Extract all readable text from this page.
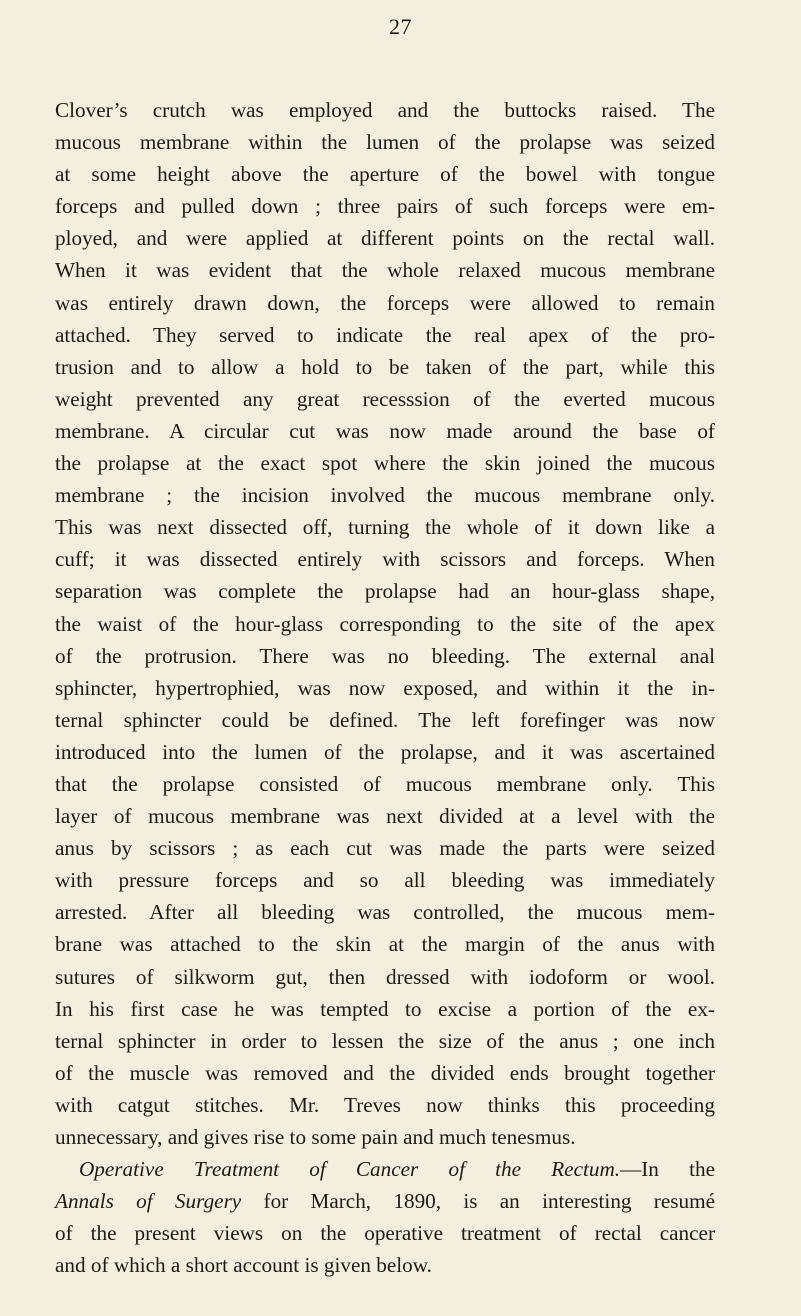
27
Clover’s crutch was employed and the buttocks raised. The
mucous membrane within the lumen of the prolapse was seized
at some height above the aperture of the bowel with tongue
forceps and pulled down ; three pairs of such forceps were em-
ployed, and were applied at different points on the rectal wall.
When it was evident that the whole relaxed mucous membrane
was entirely drawn down, the forceps were allowed to remain
attached. They served to indicate the real apex of the pro-
trusion and to allow a hold to be taken of the part, while this
weight prevented any great recesssion of the everted mucous
membrane. A circular cut was now made around the base of
the prolapse at the exact spot where the skin joined the mucous
membrane ; the incision involved the mucous membrane only.
This was next dissected off, turning the whole of it down like a
cuff; it was dissected entirely with scissors and forceps. When
separation was complete the prolapse had an hour-glass shape,
the waist of the hour-glass corresponding to the site of the apex
of the protrusion. There was no bleeding. The external anal
sphincter, hypertrophied, was now exposed, and within it the in-
ternal sphincter could be defined. The left forefinger was now
introduced into the lumen of the prolapse, and it was ascertained
that the prolapse consisted of mucous membrane only. This
layer of mucous membrane was next divided at a level with the
anus by scissors ; as each cut was made the parts were seized
with pressure forceps and so all bleeding was immediately
arrested. After all bleeding was controlled, the mucous mem-
brane was attached to the skin at the margin of the anus with
sutures of silkworm gut, then dressed with iodoform or wool.
In his first case he was tempted to excise a portion of the ex-
ternal sphincter in order to lessen the size of the anus ; one inch
of the muscle was removed and the divided ends brought together
with catgut stitches. Mr. Treves now thinks this proceeding
unnecessary, and gives rise to some pain and much tenesmus.
Operative Treatment of Cancer of the Rectum.—In the
Annals of Surgery for March, 1890, is an interesting resumé
of the present views on the operative treatment of rectal cancer
and of which a short account is given below.
